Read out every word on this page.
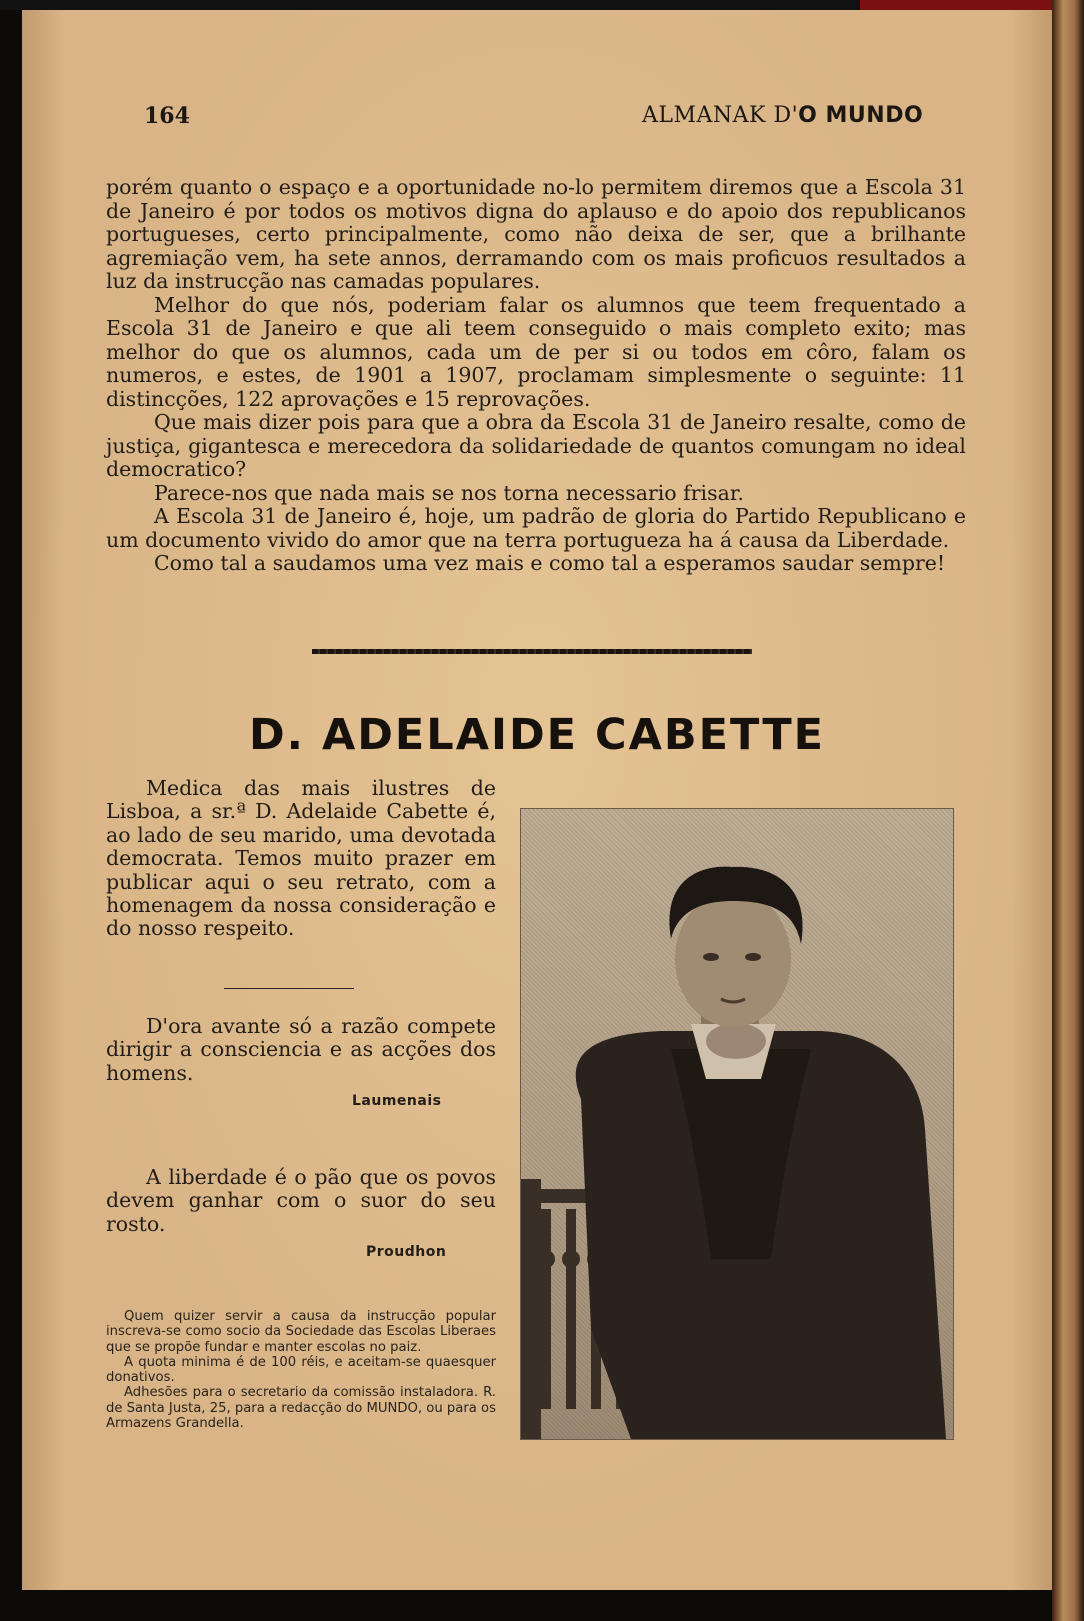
164	ALMANAK D'O MUNDO

porém quanto o espaço e a oportunidade no-lo permitem diremos que a Escola 31 de Janeiro é por todos os motivos digna do aplauso e do apoio dos republicanos portugueses, certo principalmente, como não deixa de ser, que a brilhante agremiação vem, ha sete annos, derramando com os mais proficuos resultados a luz da instrucção nas camadas populares.

Melhor do que nós, poderiam falar os alumnos que teem frequentado a Escola 31 de Janeiro e que ali teem conseguido o mais completo exito; mas melhor do que os alumnos, cada um de per si ou todos em côro, falam os numeros, e estes, de 1901 a 1907, proclamam simplesmente o seguinte: 11 distincções, 122 aprovações e 15 reprovações.

Que mais dizer pois para que a obra da Escola 31 de Janeiro resalte, como de justiça, gigantesca e merecedora da solidariedade de quantos comungam no ideal democratico?

Parece-nos que nada mais se nos torna necessario frisar.

A Escola 31 de Janeiro é, hoje, um padrão de gloria do Partido Republicano e um documento vivido do amor que na terra portugueza ha á causa da Liberdade.

Como tal a saudamos uma vez mais e como tal a esperamos saudar sempre!

D. ADELAIDE CABETTE
Medica das mais ilustres de Lisboa, a sr.ª D. Adelaide Cabette é, ao lado de seu marido, uma devotada democrata. Temos muito prazer em publicar aqui o seu retrato, com a homenagem da nossa consideração e do nosso respeito.
D'ora avante só a razão compete dirigir a consciencia e as acções dos homens.
Laumenais
A liberdade é o pão que os povos devem ganhar com o suor do seu rosto.
Proudhon

Quem quizer servir a causa da instrucção popular inscreva-se como socio da Sociedade das Escolas Liberaes que se propõe fundar e manter escolas no paiz.

A quota minima é de 100 réis, e aceitam-se quaesquer donativos.

Adhesões para o secretario da comissão instaladora. R. de Santa Justa, 25, para a redacção do MUNDO, ou para os Armazens Grandella.
